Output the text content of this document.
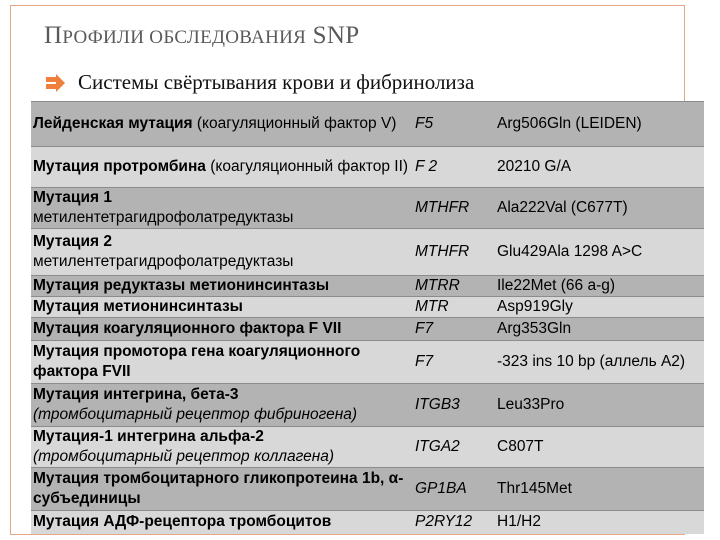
ПРОФИЛИ ОБСЛЕДОВАНИЯ SNP
Системы свёртывания крови и фибринолиза
Лейденская мутация (коагуляционный фактор V)	F5	Arg506Gln (LEIDEN)
Мутация протромбина (коагуляционный фактор II)	F 2	20210 G/A
Мутация 1
метилентетрагидрофолатредуктазы	MTHFR	Ala222Val (C677T)
Мутация 2
метилентетрагидрофолатредуктазы	MTHFR	Glu429Ala 1298 A>C
Мутация редуктазы метионинсинтазы	MTRR	Ile22Met (66 a-g)
Мутация метионинсинтазы	MTR	Asp919Gly
Мутация коагуляционного фактора F VII	F7	Arg353Gln
Мутация промотора гена коагуляционного фактора FVII	F7	-323 ins 10 bp (аллель A2)
Мутация интегрина, бета-3
(тромбоцитарный рецептор фибриногена)	ITGB3	Leu33Pro
Мутация-1 интегрина альфа-2
(тромбоцитарный рецептор коллагена)	ITGA2	C807T
Мутация тромбоцитарного гликопротеина 1b, α-субъединицы	GP1BA	Thr145Met
Мутация АДФ-рецептора тромбоцитов	P2RY12	H1/H2
